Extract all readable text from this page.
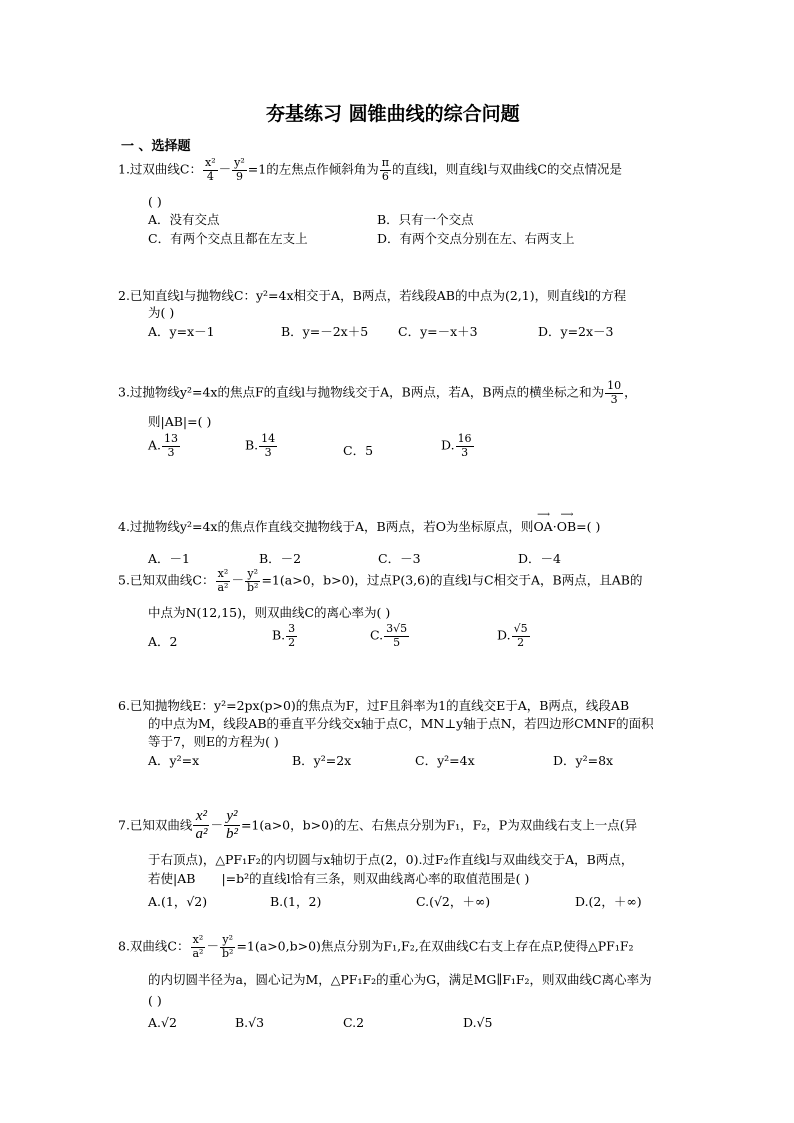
夯基练习 圆锥曲线的综合问题
一 、选择题
1.过双曲线C： $\frac{\text{x²}}{4} - \frac{\text{y²}}{9} =1$的左焦点作倾斜角为 $\frac{\pi}{6}$ 的直线l，则直线l与双曲线C的交点情况是
( )
A．没有交点	B．只有一个交点
C．有两个交点且都在左支上	D．有两个交点分别在左、右两支上
2.已知直线l与抛物线C：y²=4x相交于A，B两点，若线段AB的中点为(2,1)，则直线l的方程
为( )
A．y=x－1	B．y=－2x＋5 C．y=－x＋3	D．y=2x－3
3.过抛物线y²=4x的焦点F的直线l与抛物线交于A，B两点，若A，B两点的横坐标之和为 $\frac{10}{3}$ ，
则|AB|=( )
A. $\frac{13}{3}$	B. $\frac{14}{3}$	C．5	D. $\frac{16}{3}$
4.过抛物线y²=4x的焦点作直线交抛物线于A，B两点，若O为坐标原点，则
⟶
OA·
⟶
OB=( )
A．－1	B．－2	C．－3	D．－4
5.已知双曲线C： $\frac{\text{x²}}{\text{a²}} - \frac{\text{y²}}{\text{b²}} =1(a>0$，b>0)，过点P(3,6)的直线l与C相交于A，B两点，且AB的
中点为N(12,15)，则双曲线C的离心率为( )
A．2	B. $\frac{3}{2}$	C. $\frac{3√5}{5}$	D. $\frac{√5}{2}$
6.已知抛物线E：y²=2px(p>0)的焦点为F，过F且斜率为1的直线交E于A，B两点，线段AB
的中点为M，线段AB的垂直平分线交x轴于点C，MN⊥y轴于点N，若四边形CMNF的面积
等于7，则E的方程为( )
A．y²=x	B．y²=2x	C．y²=4x	D．y²=8x
7.已知双曲线 $\frac{\text{x²}}{\text{a²}} - \frac{\text{y²}}{\text{b²}} =1(a>0$，b>0)的左、右焦点分别为F₁，F₂，P为双曲线右支上一点(异
于右顶点)，△PF₁F₂的内切圆与x轴切于点(2，0).过F₂作直线l与双曲线交于A，B两点，
若使|AB |=b²的直线l恰有三条，则双曲线离心率的取值范围是( )
A.(1，√2)	B.(1，2)	C.(√2，＋∞)	D.(2，＋∞)
8.双曲线C： $\frac{\text{x²}}{\text{a²}} - \frac{\text{y²}}{\text{b²}} =1(a>0,b>0)$焦点分别为F₁,F₂,在双曲线C右支上存在点P,使得△PF₁F₂
的内切圆半径为a，圆心记为M，△PF₁F₂的重心为G，满足MG∥F₁F₂，则双曲线C离心率为
( )
A.√2	B.√3	C.2	D.√5
